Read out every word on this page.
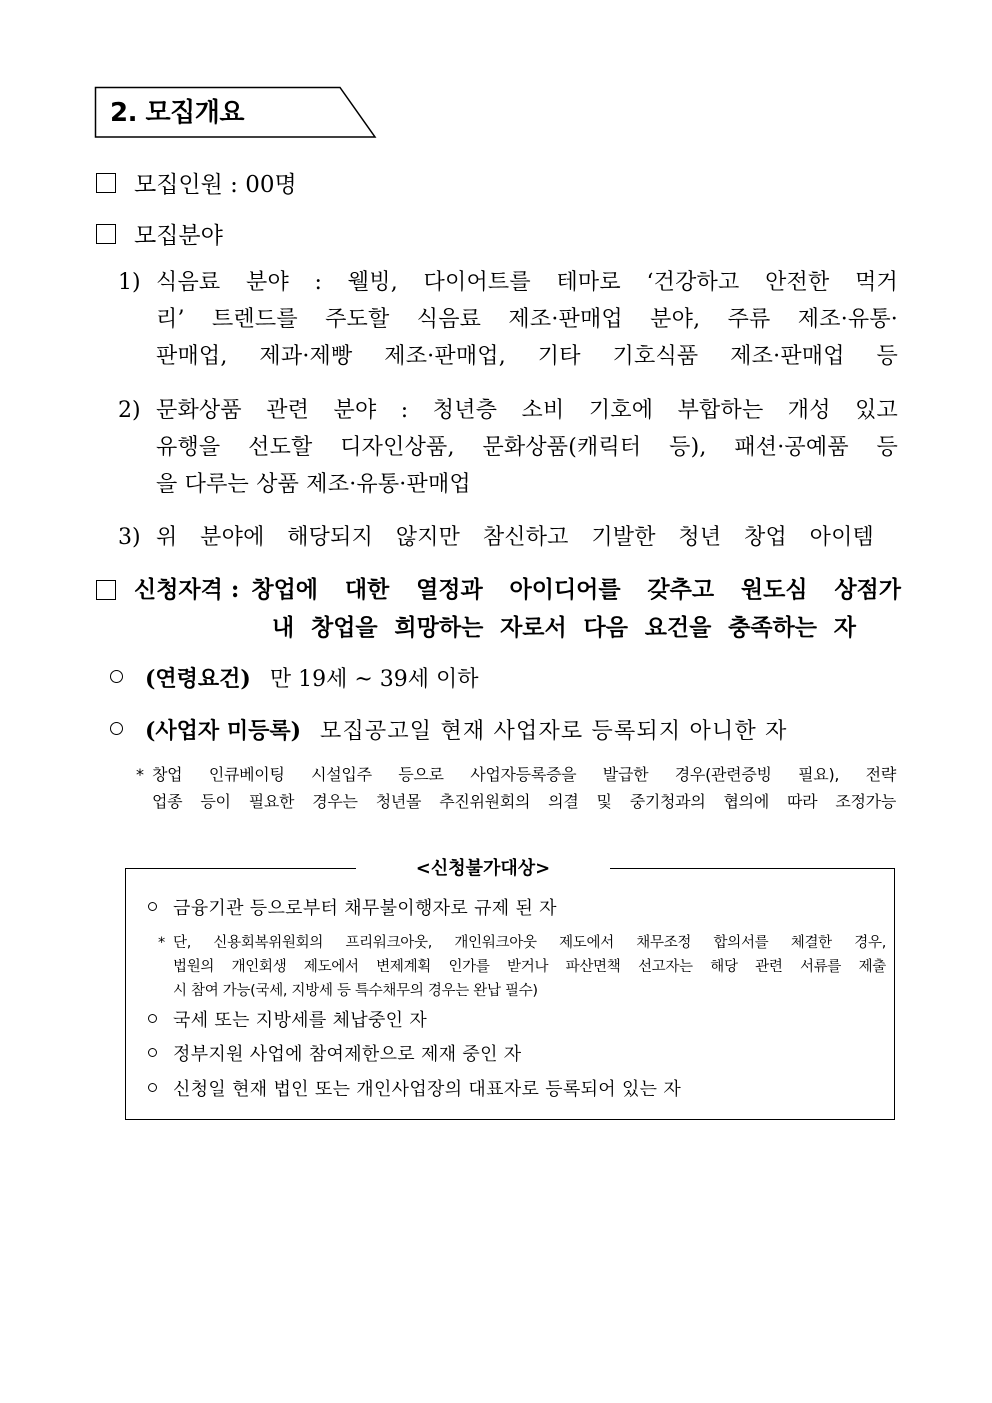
2. 모집개요
모집인원 : 00명
모집분야
1) 식음료 분야 : 웰빙, 다이어트를 테마로 ‘건강하고 안전한 먹거
리’ 트렌드를 주도할 식음료 제조·판매업 분야, 주류 제조·유통·
판매업, 제과·제빵 제조·판매업, 기타 기호식품 제조·판매업 등
2) 문화상품 관련 분야 : 청년층 소비 기호에 부합하는 개성 있고
유행을 선도할 디자인상품, 문화상품(캐릭터 등), 패션·공예품 등
을 다루는 상품 제조·유통·판매업
3) 위 분야에 해당되지 않지만 참신하고 기발한 청년 창업 아이템
신청자격 : 창업에 대한 열정과 아이디어를 갖추고 원도심 상점가
내 창업을 희망하는 자로서 다음 요건을 충족하는 자
(연령요건) 만 19세 ~ 39세 이하
(사업자 미등록) 모집공고일 현재 사업자로 등록되지 아니한 자
* 창업 인큐베이팅 시설입주 등으로 사업자등록증을 발급한 경우(관련증빙 필요), 전략
업종 등이 필요한 경우는 청년몰 추진위원회의 의결 및 중기청과의 협의에 따라 조정가능
<신청불가대상>
금융기관 등으로부터 채무불이행자로 규제 된 자
* 단, 신용회복위원회의 프리워크아웃, 개인워크아웃 제도에서 채무조정 합의서를 체결한 경우,
법원의 개인회생 제도에서 변제계획 인가를 받거나 파산면책 선고자는 해당 관련 서류를 제출
시 참여 가능(국세, 지방세 등 특수채무의 경우는 완납 필수)
국세 또는 지방세를 체납중인 자
정부지원 사업에 참여제한으로 제재 중인 자
신청일 현재 법인 또는 개인사업장의 대표자로 등록되어 있는 자
